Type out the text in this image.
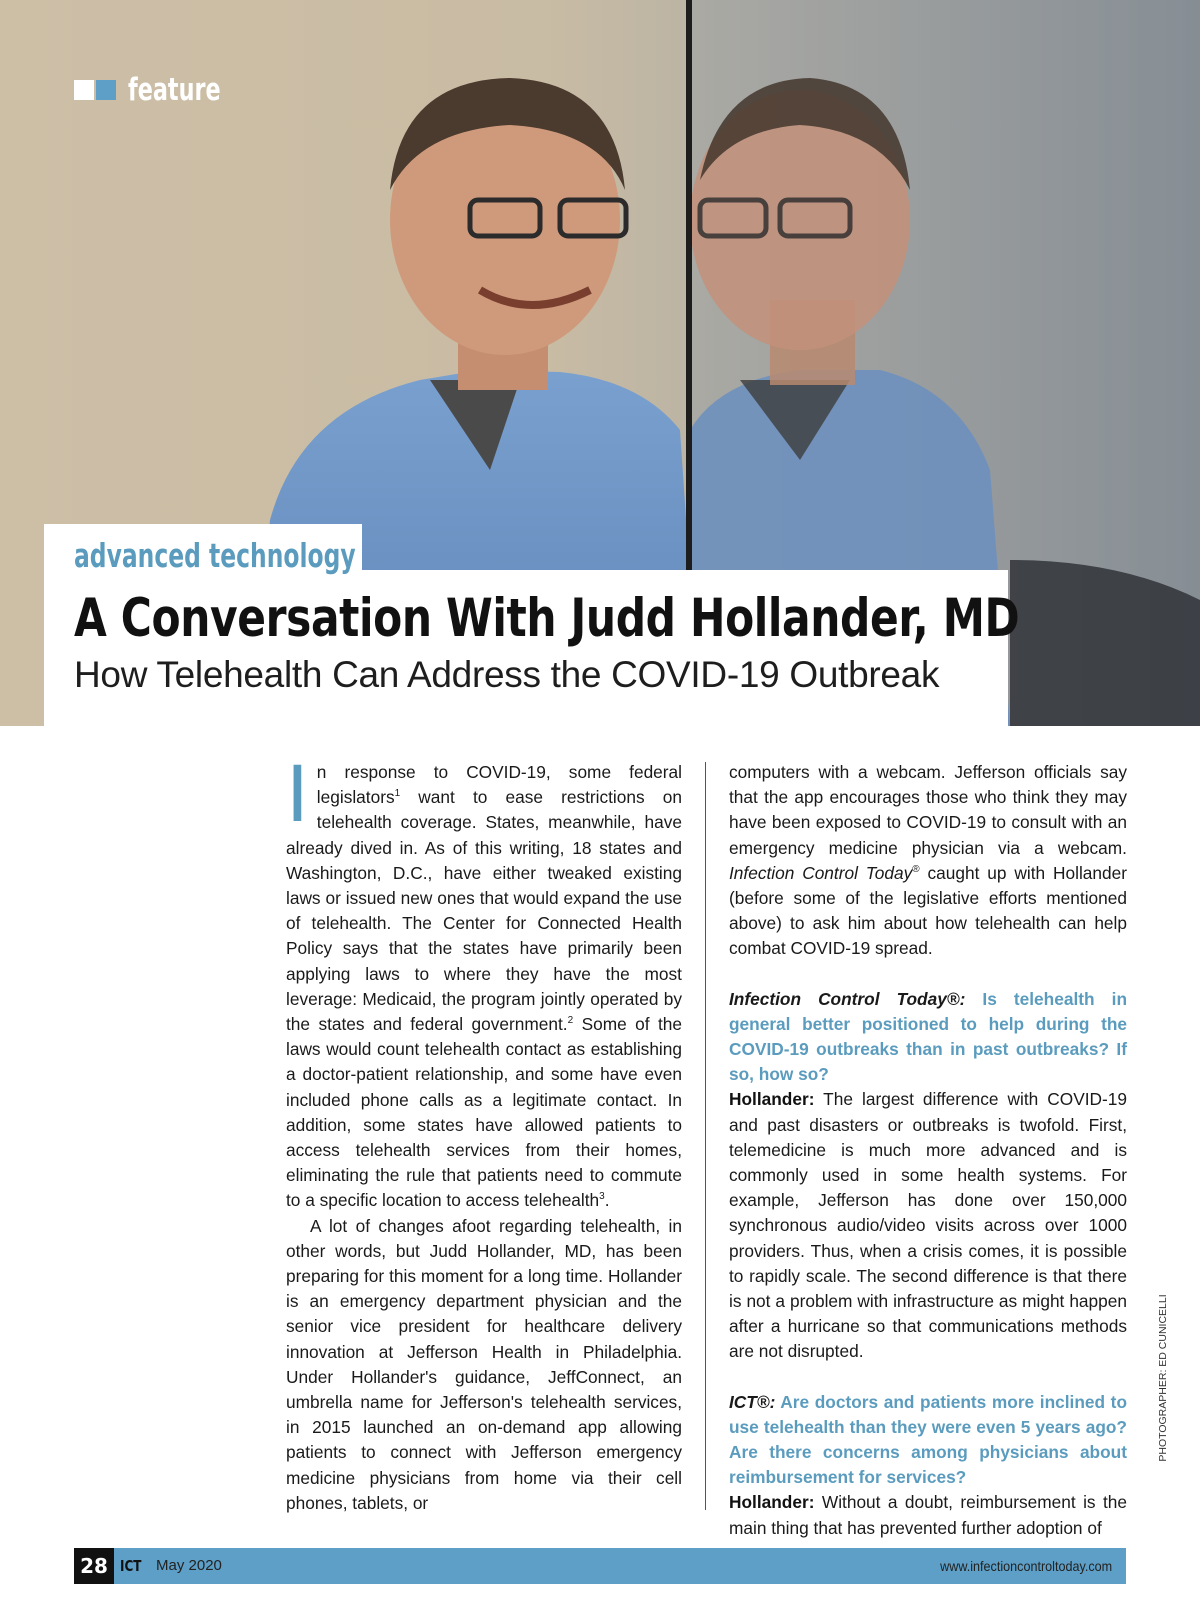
feature
advanced technology
A Conversation With Judd Hollander, MD
How Telehealth Can Address the COVID-19 Outbreak

In response to COVID-19, some federal legislators$^1$ want to ease restrictions on telehealth coverage. States, meanwhile, have already dived in. As of this writing, 18 states and Washington, D.C., have either tweaked existing laws or issued new ones that would expand the use of telehealth. The Center for Connected Health Policy says that the states have primarily been applying laws to where they have the most leverage: Medicaid, the program jointly operated by the states and federal government.$^2$ Some of the laws would count telehealth contact as establishing a doctor-patient relationship, and some have even included phone calls as a legitimate contact. In addition, some states have allowed patients to access telehealth services from their homes, eliminating the rule that patients need to commute to a specific location to access telehealth$^3$.

A lot of changes afoot regarding telehealth, in other words, but Judd Hollander, MD, has been preparing for this moment for a long time. Hollander is an emergency department physician and the senior vice president for healthcare delivery innovation at Jefferson Health in Philadelphia. Under Hollander's guidance, JeffConnect, an umbrella name for Jefferson's telehealth services, in 2015 launched an on-demand app allowing patients to connect with Jefferson emergency medicine physicians from home via their cell phones, tablets, or

computers with a webcam. Jefferson officials say that the app encourages those who think they may have been exposed to COVID-19 to consult with an emergency medicine physician via a webcam. Infection Control Today® caught up with Hollander (before some of the legislative efforts mentioned above) to ask him about how telehealth can help combat COVID-19 spread.

Infection Control Today®: Is telehealth in general better positioned to help during the COVID-19 outbreaks than in past outbreaks? If so, how so?

Hollander: The largest difference with COVID-19 and past disasters or outbreaks is twofold. First, telemedicine is much more advanced and is commonly used in some health systems. For example, Jefferson has done over 150,000 synchronous audio/video visits across over 1000 providers. Thus, when a crisis comes, it is possible to rapidly scale. The second difference is that there is not a problem with infrastructure as might happen after a hurricane so that communications methods are not disrupted.

ICT®: Are doctors and patients more inclined to use telehealth than they were even 5 years ago? Are there concerns among physicians about reimbursement for services?

Hollander: Without a doubt, reimbursement is the main thing that has prevented further adoption of

PHOTOGRAPHER: ED CUNICELLI
28 ICT May 2020	www.infectioncontroltoday.com
